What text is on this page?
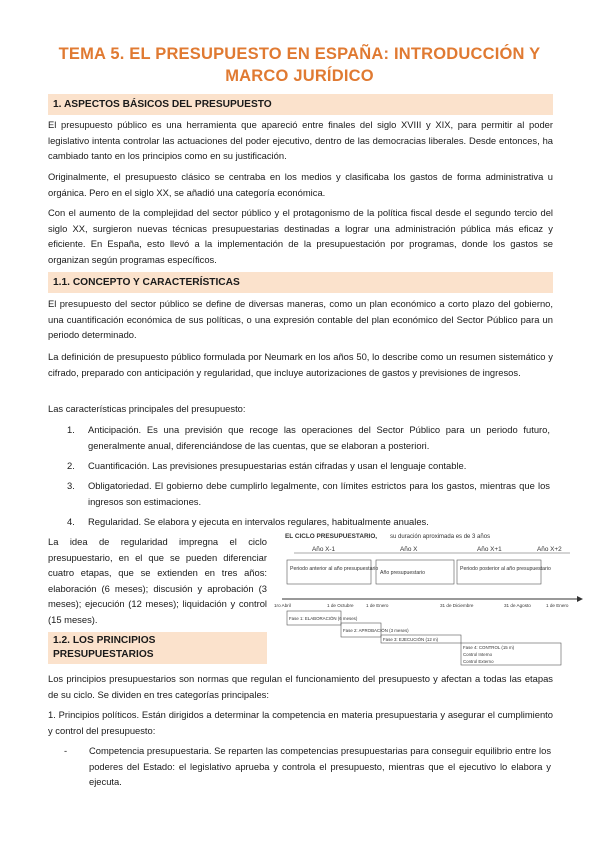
TEMA 5. EL PRESUPUESTO EN ESPAÑA: INTRODUCCIÓN Y MARCO JURÍDICO
1. ASPECTOS BÁSICOS DEL PRESUPUESTO

El presupuesto público es una herramienta que apareció entre finales del siglo XVIII y XIX, para permitir al poder legislativo intenta controlar las actuaciones del poder ejecutivo, dentro de las democracias liberales. Desde entonces, ha cambiado tanto en los principios como en su justificación.

Originalmente, el presupuesto clásico se centraba en los medios y clasificaba los gastos de forma administrativa u orgánica. Pero en el siglo XX, se añadió una categoría económica.

Con el aumento de la complejidad del sector público y el protagonismo de la política fiscal desde el segundo tercio del siglo XX, surgieron nuevas técnicas presupuestarias destinadas a lograr una administración pública más eficaz y eficiente. En España, esto llevó a la implementación de la presupuestación por programas, donde los gastos se organizan según programas específicos.

1.1. CONCEPTO Y CARACTERÍSTICAS

El presupuesto del sector público se define de diversas maneras, como un plan económico a corto plazo del gobierno, una cuantificación económica de sus políticas, o una expresión contable del plan económico del Sector Público para un periodo determinado.

La definición de presupuesto público formulada por Neumark en los años 50, lo describe como un resumen sistemático y cifrado, preparado con anticipación y regularidad, que incluye autorizaciones de gastos y previsiones de ingresos.

Las características principales del presupuesto:

1.	Anticipación. Es una previsión que recoge las operaciones del Sector Público para un periodo futuro, generalmente anual, diferenciándose de las cuentas, que se elaboran a posteriori.
2.	Cuantificación. Las previsiones presupuestarias están cifradas y usan el lenguaje contable.
3.	Obligatoriedad. El gobierno debe cumplirlo legalmente, con límites estrictos para los gastos, mientras que los ingresos son estimaciones.
4.	Regularidad. Se elabora y ejecuta en intervalos regulares, habitualmente anuales.

La idea de regularidad impregna el ciclo presupuestario, en el que se pueden diferenciar cuatro etapas, que se extienden en tres años: elaboración (6 meses); discusión y aprobación (3 meses); ejecución (12 meses); liquidación y control (15 meses).

EL CICLO PRESUPUESTARIO, su duración aproximada es de 3 años
Año X-1	Año X	Año X+1	Año X+2
Periodo anterior al año presupuestario
Año presupuestario
Periodo posterior al año presupuestario
1ro Abril	1 de Octubre	1 de Enero	31 de Diciembre	31 de Agosto	1 de Enero
Fase 1: ELABORACIÓN (6 meses)
Fase 2: APROBACIÓN (3 meses)
Fase 3: EJECUCIÓN (12 m)
Fase 4: CONTROL (15 m)
Control Interno
Control Externo
1.2. LOS PRINCIPIOS
PRESUPUESTARIOS

Los principios presupuestarios son normas que regulan el funcionamiento del presupuesto y afectan a todas las etapas de su ciclo. Se dividen en tres categorías principales:

1. Principios políticos. Están dirigidos a determinar la competencia en materia presupuestaria y asegurar el cumplimiento y control del presupuesto:

- Competencia presupuestaria. Se reparten las competencias presupuestarias para conseguir equilibrio entre los poderes del Estado: el legislativo aprueba y controla el presupuesto, mientras que el ejecutivo lo elabora y ejecuta.
